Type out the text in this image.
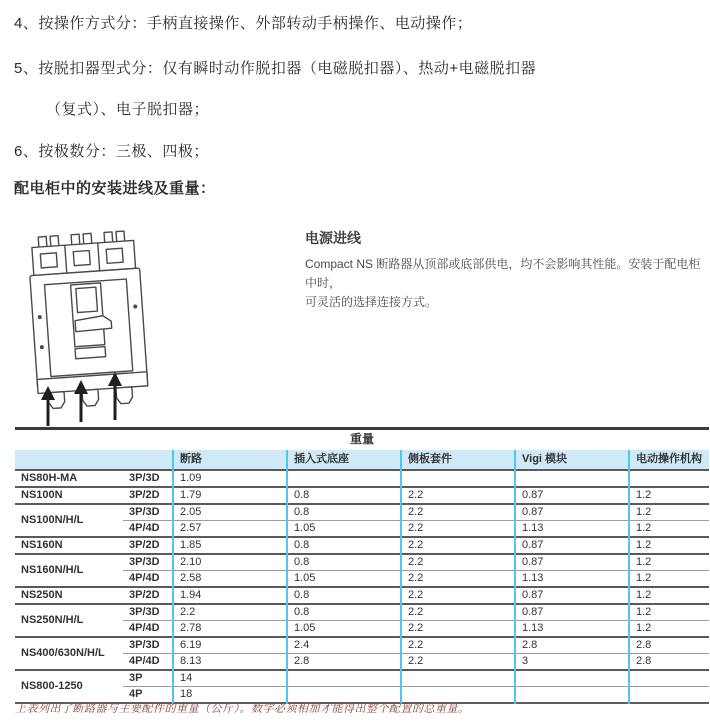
4、按操作方式分：手柄直接操作、外部转动手柄操作、电动操作；
5、按脱扣器型式分：仅有瞬时动作脱扣器（电磁脱扣器）、热动+电磁脱扣器
（复式）、电子脱扣器；
6、按极数分：三极、四极；
配电柜中的安装进线及重量：
电源进线
Compact NS 断路器从顶部或底部供电，均不会影响其性能。安装于配电柜中时，
可灵活的选择连接方式。
重量						
		断路	插入式底座	侧板套件	Vigi 模块	电动操作机构
NS80H-MA	3P/3D	1.09				
NS100N	3P/2D	1.79	0.8	2.2	0.87	1.2
NS100N/H/L	3P/3D	2.05	0.8	2.2	0.87	1.2
	4P/4D	2.57	1.05	2.2	1.13	1.2
NS160N	3P/2D	1.85	0.8	2.2	0.87	1.2
NS160N/H/L	3P/3D	2.10	0.8	2.2	0.87	1.2
	4P/4D	2.58	1.05	2.2	1.13	1.2
NS250N	3P/2D	1.94	0.8	2.2	0.87	1.2
NS250N/H/L	3P/3D	2.2	0.8	2.2	0.87	1.2
	4P/4D	2.78	1.05	2.2	1.13	1.2
NS400/630N/H/L	3P/3D	6.19	2.4	2.2	2.8	2.8
	4P/4D	8.13	2.8	2.2	3	2.8
NS800-1250	3P	14				
	4P	18				
上表列出了断路器与主要配件的重量（公斤）。数字必须相加才能得出整个配置的总重量。
